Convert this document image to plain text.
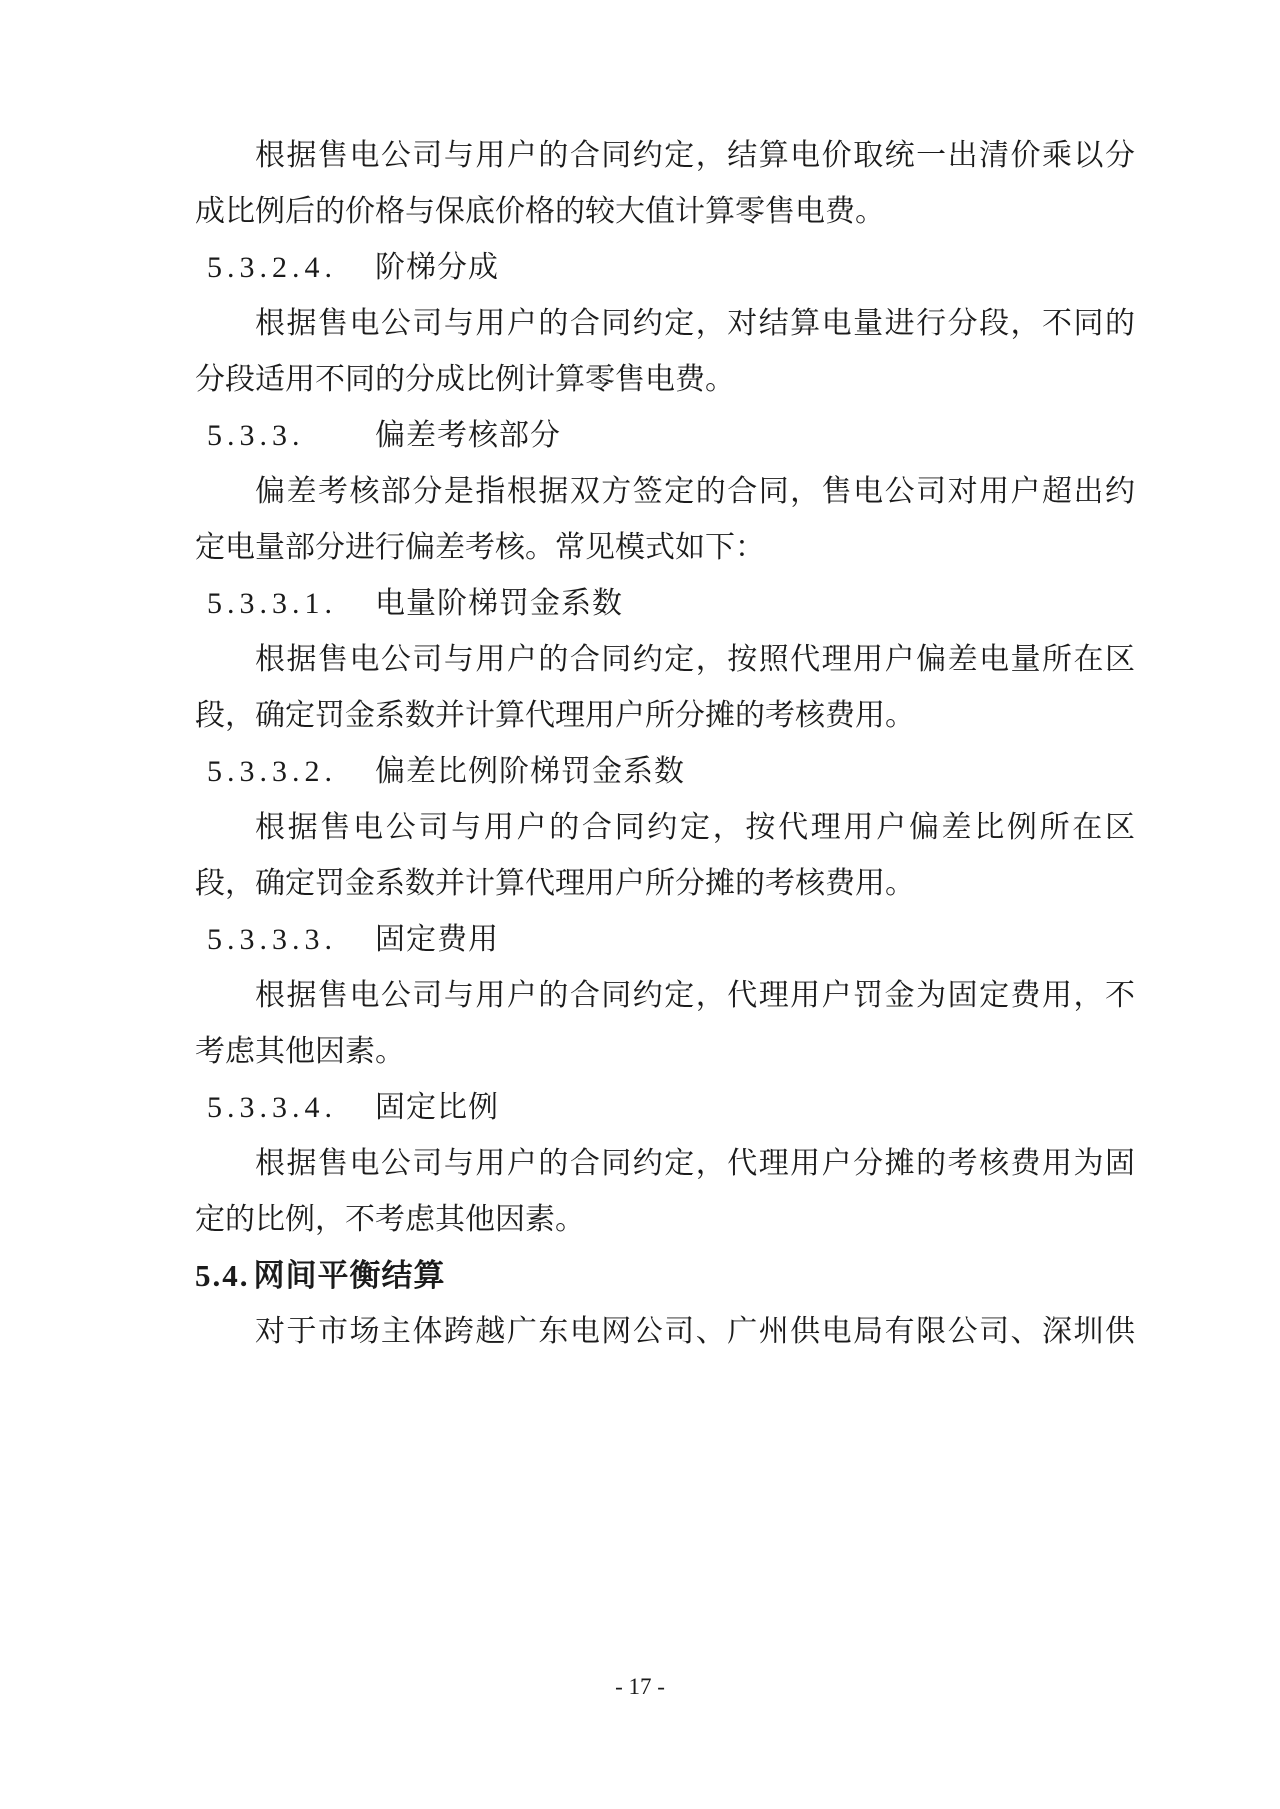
根据售电公司与用户的合同约定，结算电价取统一出清价乘以分
成比例后的价格与保底价格的较大值计算零售电费。

5.3.2.4.	阶梯分成

根据售电公司与用户的合同约定，对结算电量进行分段，不同的
分段适用不同的分成比例计算零售电费。

5.3.3.	偏差考核部分

偏差考核部分是指根据双方签定的合同，售电公司对用户超出约
定电量部分进行偏差考核。常见模式如下：

5.3.3.1.	电量阶梯罚金系数

根据售电公司与用户的合同约定，按照代理用户偏差电量所在区
段，确定罚金系数并计算代理用户所分摊的考核费用。

5.3.3.2.	偏差比例阶梯罚金系数

根据售电公司与用户的合同约定，按代理用户偏差比例所在区
段，确定罚金系数并计算代理用户所分摊的考核费用。

5.3.3.3.	固定费用

根据售电公司与用户的合同约定，代理用户罚金为固定费用，不
考虑其他因素。

5.3.3.4.	固定比例

根据售电公司与用户的合同约定，代理用户分摊的考核费用为固
定的比例，不考虑其他因素。

5.4. 网间平衡结算

对于市场主体跨越广东电网公司、广州供电局有限公司、深圳供

- 17 -
